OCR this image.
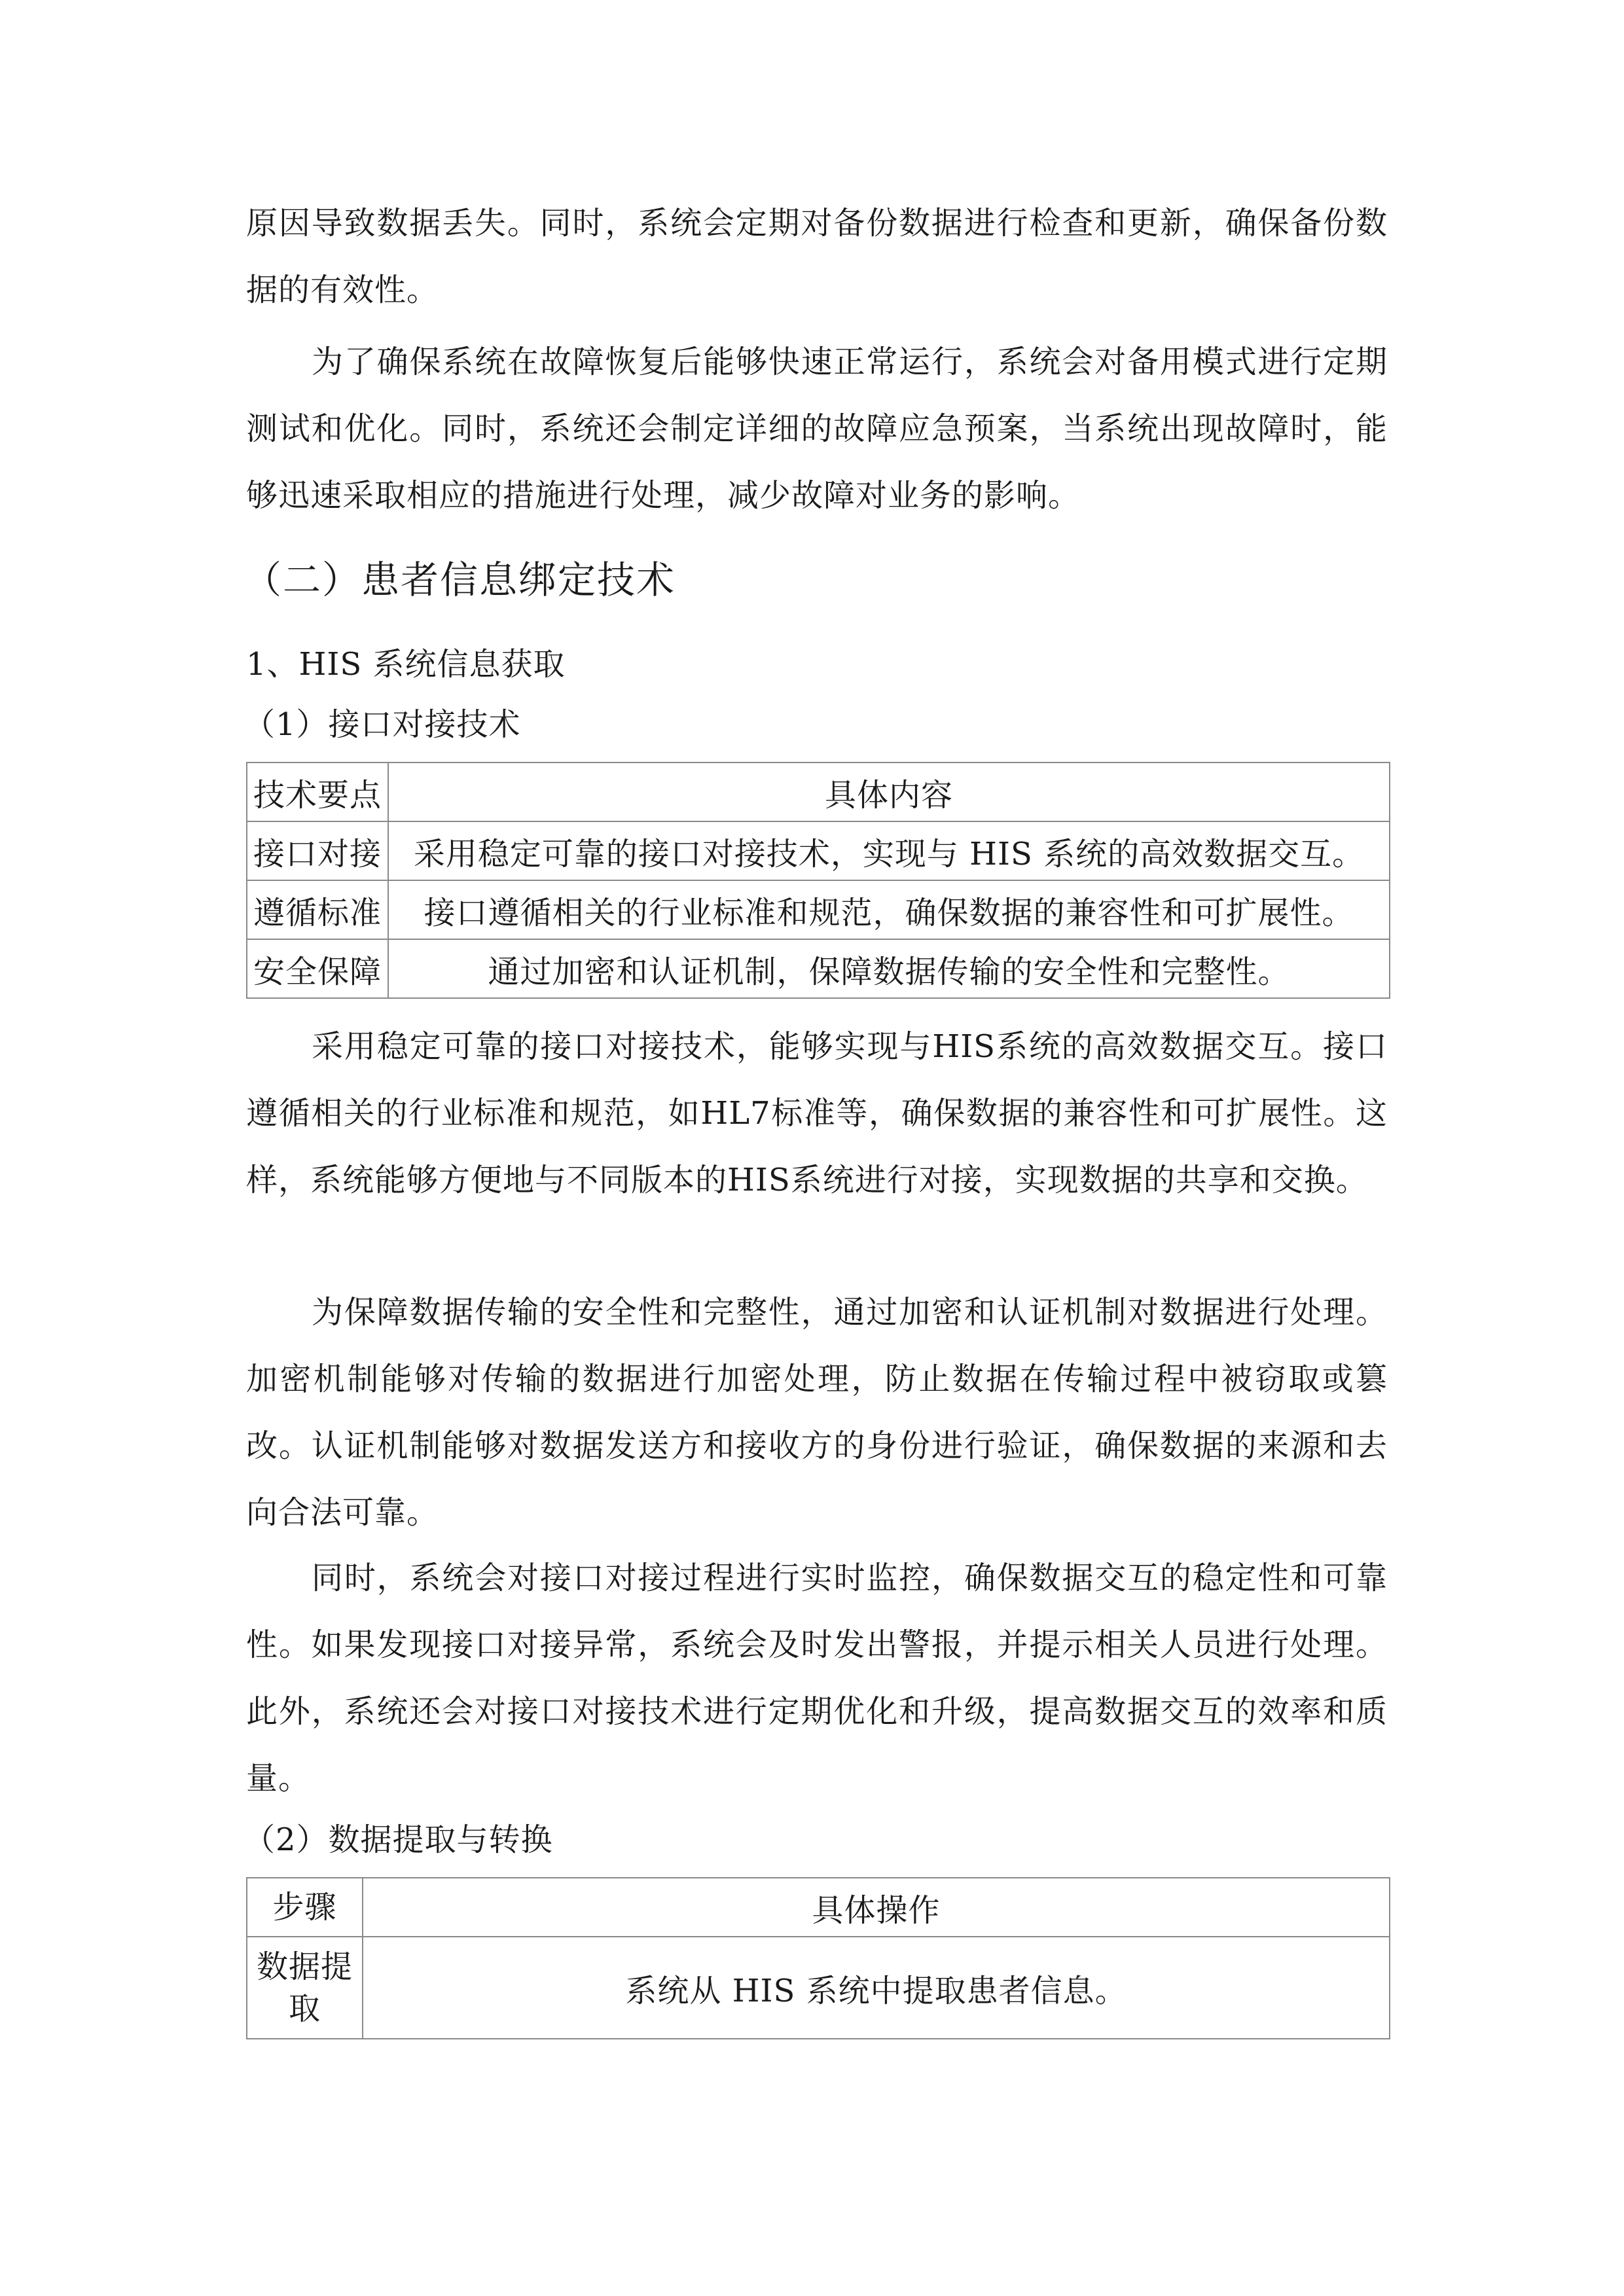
原因导致数据丢失。同时，系统会定期对备份数据进行检查和更新，确保备份数据的有效性。

为了确保系统在故障恢复后能够快速正常运行，系统会对备用模式进行定期测试和优化。同时，系统还会制定详细的故障应急预案，当系统出现故障时，能够迅速采取相应的措施进行处理，减少故障对业务的影响。

（二）患者信息绑定技术
1、HIS 系统信息获取
（1）接口对接技术
技术要点	具体内容
接口对接	采用稳定可靠的接口对接技术，实现与 HIS 系统的高效数据交互。
遵循标准	接口遵循相关的行业标准和规范，确保数据的兼容性和可扩展性。
安全保障	通过加密和认证机制，保障数据传输的安全性和完整性。

采用稳定可靠的接口对接技术，能够实现与HIS系统的高效数据交互。接口遵循相关的行业标准和规范，如HL7标准等，确保数据的兼容性和可扩展性。这样，系统能够方便地与不同版本的HIS系统进行对接，实现数据的共享和交换。

为保障数据传输的安全性和完整性，通过加密和认证机制对数据进行处理。加密机制能够对传输的数据进行加密处理，防止数据在传输过程中被窃取或篡改。认证机制能够对数据发送方和接收方的身份进行验证，确保数据的来源和去向合法可靠。

同时，系统会对接口对接过程进行实时监控，确保数据交互的稳定性和可靠性。如果发现接口对接异常，系统会及时发出警报，并提示相关人员进行处理。此外，系统还会对接口对接技术进行定期优化和升级，提高数据交互的效率和质量。

（2）数据提取与转换
步骤	具体操作
数据提取	系统从 HIS 系统中提取患者信息。
